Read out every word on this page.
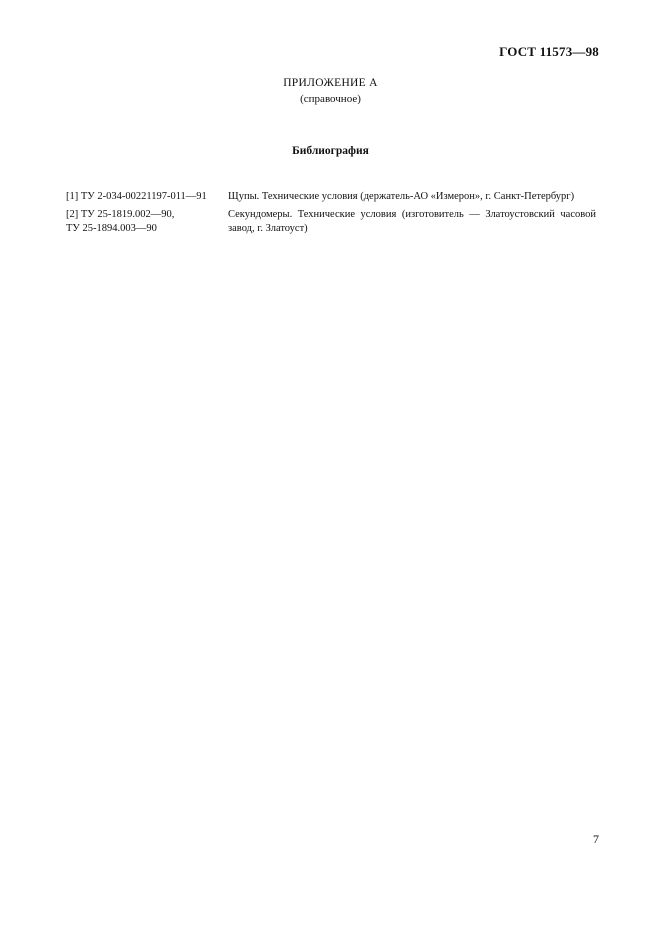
ГОСТ 11573—98
ПРИЛОЖЕНИЕ А
(справочное)
Библиография
[1] ТУ 2-034-00221197-011—91	Щупы. Технические условия (держатель-АО «Измерон», г. Санкт-Петербург)
[2] ТУ 25-1819.002—90,
ТУ 25-1894.003—90
Секундомеры. Технические условия (изготовитель — Златоустовский часовой завод, г. Златоуст)
7
